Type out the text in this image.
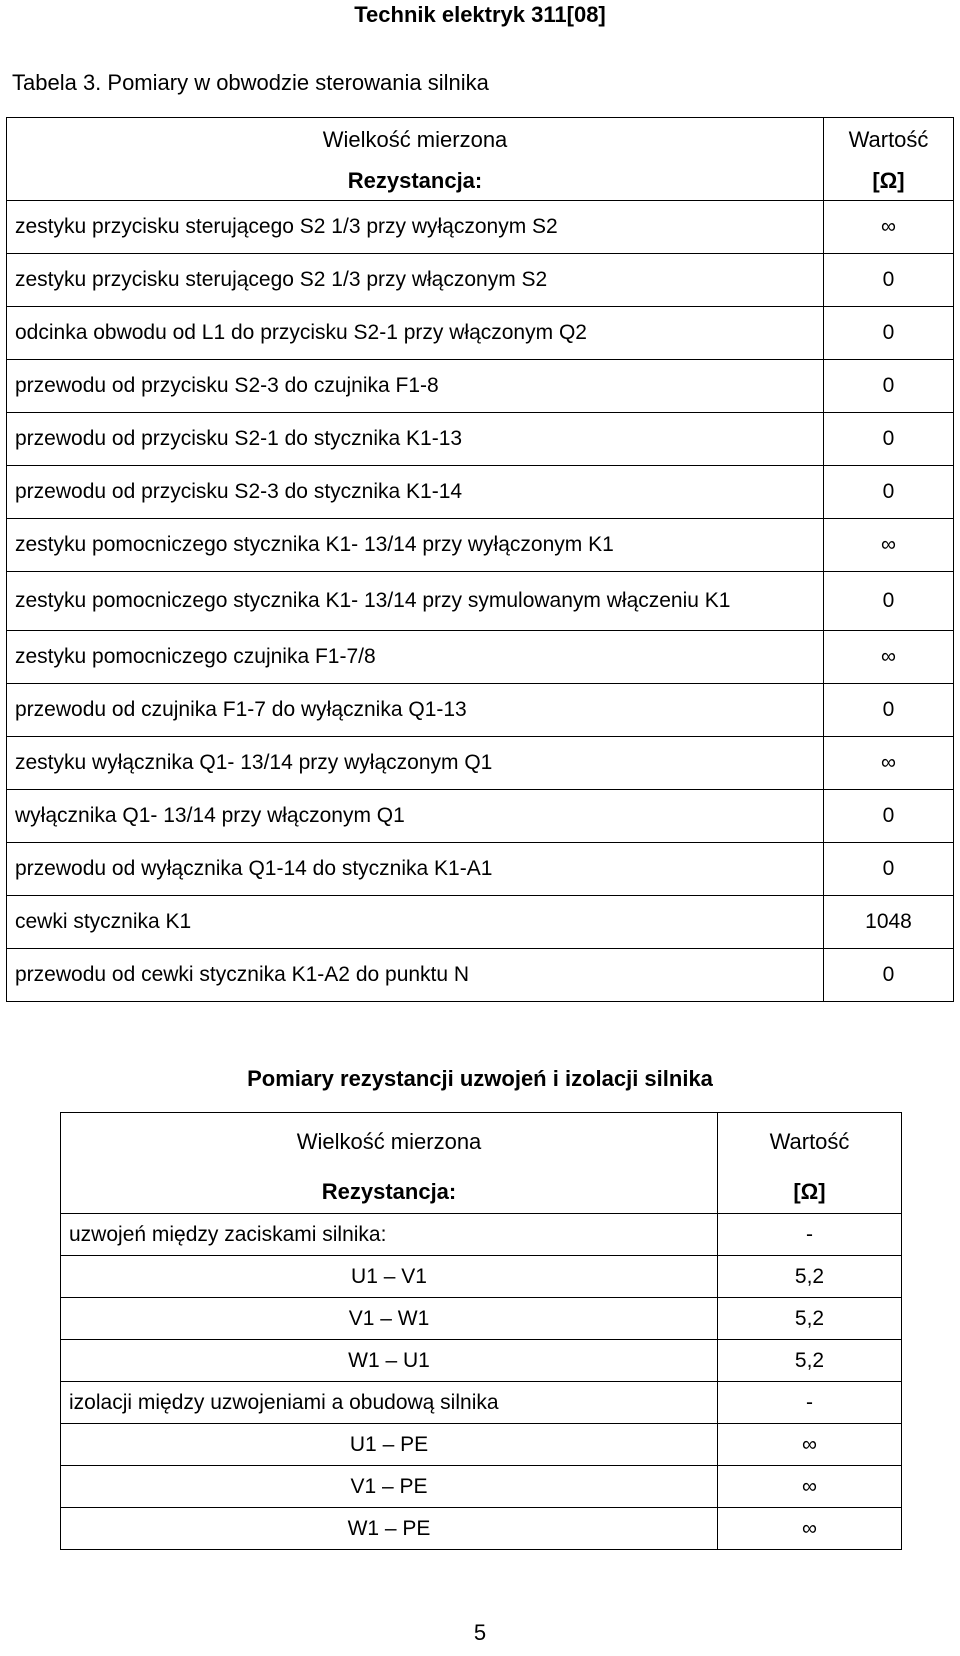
Technik elektryk 311[08]
Tabela 3. Pomiary w obwodzie sterowania silnika
Wielkość mierzona	Wartość
Rezystancja:	[Ω]
zestyku przycisku sterującego S2 1/3 przy wyłączonym S2	∞
zestyku przycisku sterującego S2 1/3 przy włączonym S2	0
odcinka obwodu od L1 do przycisku S2-1 przy włączonym Q2	0
przewodu od przycisku S2-3 do czujnika F1-8	0
przewodu od przycisku S2-1 do stycznika K1-13	0
przewodu od przycisku S2-3 do stycznika K1-14	0
zestyku pomocniczego stycznika K1- 13/14 przy wyłączonym K1	∞
zestyku pomocniczego stycznika K1- 13/14 przy symulowanym włączeniu K1	0
zestyku pomocniczego czujnika F1-7/8	∞
przewodu od czujnika F1-7 do wyłącznika Q1-13	0
zestyku wyłącznika Q1- 13/14 przy wyłączonym Q1	∞
wyłącznika Q1- 13/14 przy włączonym Q1	0
przewodu od wyłącznika Q1-14 do stycznika K1-A1	0
cewki stycznika K1	1048
przewodu od cewki stycznika K1-A2 do punktu N	0
Pomiary rezystancji uzwojeń i izolacji silnika
Wielkość mierzona	Wartość
Rezystancja:	[Ω]
uzwojeń między zaciskami silnika:	-
U1 – V1	5,2
V1 – W1	5,2
W1 – U1	5,2
izolacji między uzwojeniami a obudową silnika	-
U1 – PE	∞
V1 – PE	∞
W1 – PE	∞
5
